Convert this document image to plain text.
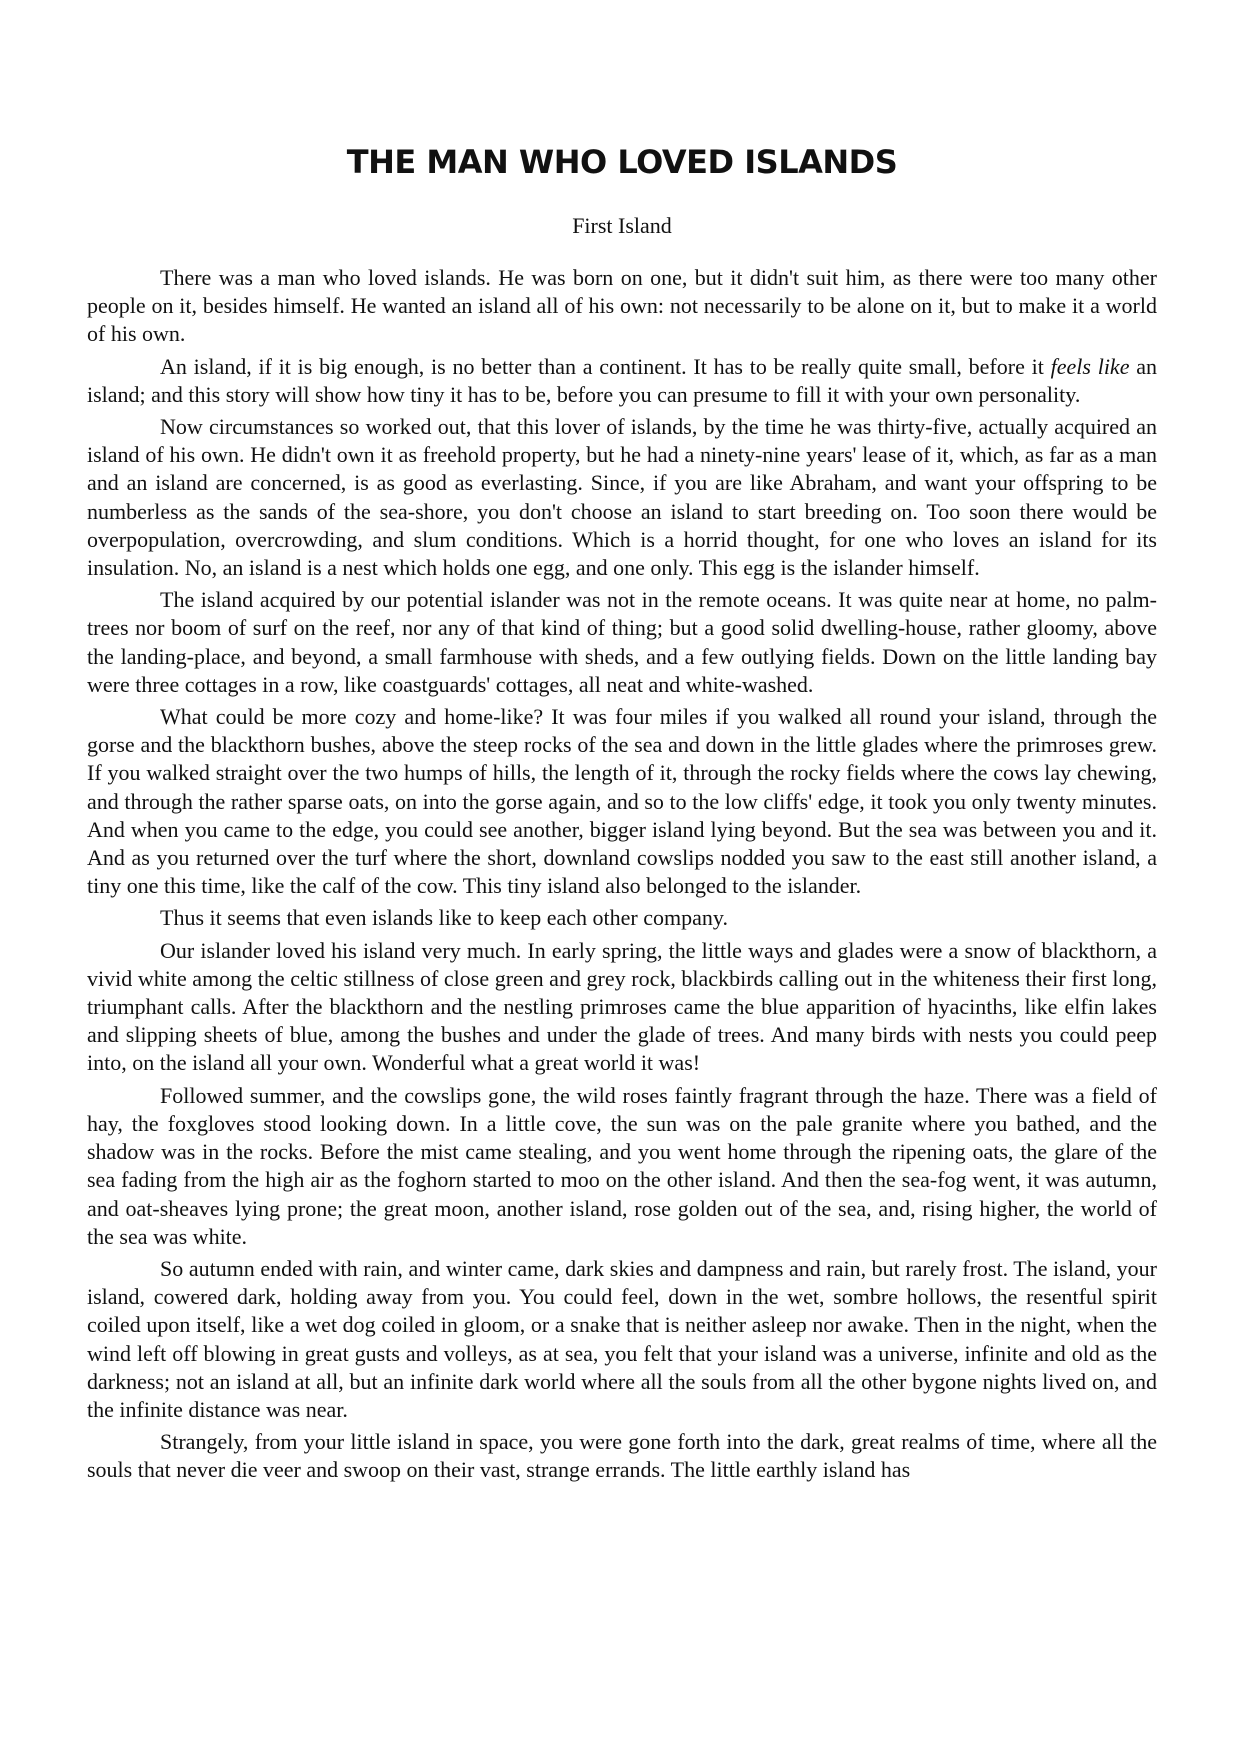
THE MAN WHO LOVED ISLANDS
First Island

There was a man who loved islands. He was born on one, but it didn't suit him, as there were too many other people on it, besides himself. He wanted an island all of his own: not necessarily to be alone on it, but to make it a world of his own.

An island, if it is big enough, is no better than a continent. It has to be really quite small, before it feels like an island; and this story will show how tiny it has to be, before you can presume to fill it with your own personality.

Now circumstances so worked out, that this lover of islands, by the time he was thirty-five, actually acquired an island of his own. He didn't own it as freehold property, but he had a ninety-nine years' lease of it, which, as far as a man and an island are concerned, is as good as everlasting. Since, if you are like Abraham, and want your offspring to be numberless as the sands of the sea-shore, you don't choose an island to start breeding on. Too soon there would be overpopulation, overcrowding, and slum conditions. Which is a horrid thought, for one who loves an island for its insulation. No, an island is a nest which holds one egg, and one only. This egg is the islander himself.

The island acquired by our potential islander was not in the remote oceans. It was quite near at home, no palm-trees nor boom of surf on the reef, nor any of that kind of thing; but a good solid dwelling-house, rather gloomy, above the landing-place, and beyond, a small farmhouse with sheds, and a few outlying fields. Down on the little landing bay were three cottages in a row, like coastguards' cottages, all neat and white-washed.

What could be more cozy and home-like? It was four miles if you walked all round your island, through the gorse and the blackthorn bushes, above the steep rocks of the sea and down in the little glades where the primroses grew. If you walked straight over the two humps of hills, the length of it, through the rocky fields where the cows lay chewing, and through the rather sparse oats, on into the gorse again, and so to the low cliffs' edge, it took you only twenty minutes. And when you came to the edge, you could see another, bigger island lying beyond. But the sea was between you and it. And as you returned over the turf where the short, downland cowslips nodded you saw to the east still another island, a tiny one this time, like the calf of the cow. This tiny island also belonged to the islander.

Thus it seems that even islands like to keep each other company.

Our islander loved his island very much. In early spring, the little ways and glades were a snow of blackthorn, a vivid white among the celtic stillness of close green and grey rock, blackbirds calling out in the whiteness their first long, triumphant calls. After the blackthorn and the nestling primroses came the blue apparition of hyacinths, like elfin lakes and slipping sheets of blue, among the bushes and under the glade of trees. And many birds with nests you could peep into, on the island all your own. Wonderful what a great world it was!

Followed summer, and the cowslips gone, the wild roses faintly fragrant through the haze. There was a field of hay, the foxgloves stood looking down. In a little cove, the sun was on the pale granite where you bathed, and the shadow was in the rocks. Before the mist came stealing, and you went home through the ripening oats, the glare of the sea fading from the high air as the foghorn started to moo on the other island. And then the sea-fog went, it was autumn, and oat-sheaves lying prone; the great moon, another island, rose golden out of the sea, and, rising higher, the world of the sea was white.

So autumn ended with rain, and winter came, dark skies and dampness and rain, but rarely frost. The island, your island, cowered dark, holding away from you. You could feel, down in the wet, sombre hollows, the resentful spirit coiled upon itself, like a wet dog coiled in gloom, or a snake that is neither asleep nor awake. Then in the night, when the wind left off blowing in great gusts and volleys, as at sea, you felt that your island was a universe, infinite and old as the darkness; not an island at all, but an infinite dark world where all the souls from all the other bygone nights lived on, and the infinite distance was near.

Strangely, from your little island in space, you were gone forth into the dark, great realms of time, where all the souls that never die veer and swoop on their vast, strange errands. The little earthly island has
